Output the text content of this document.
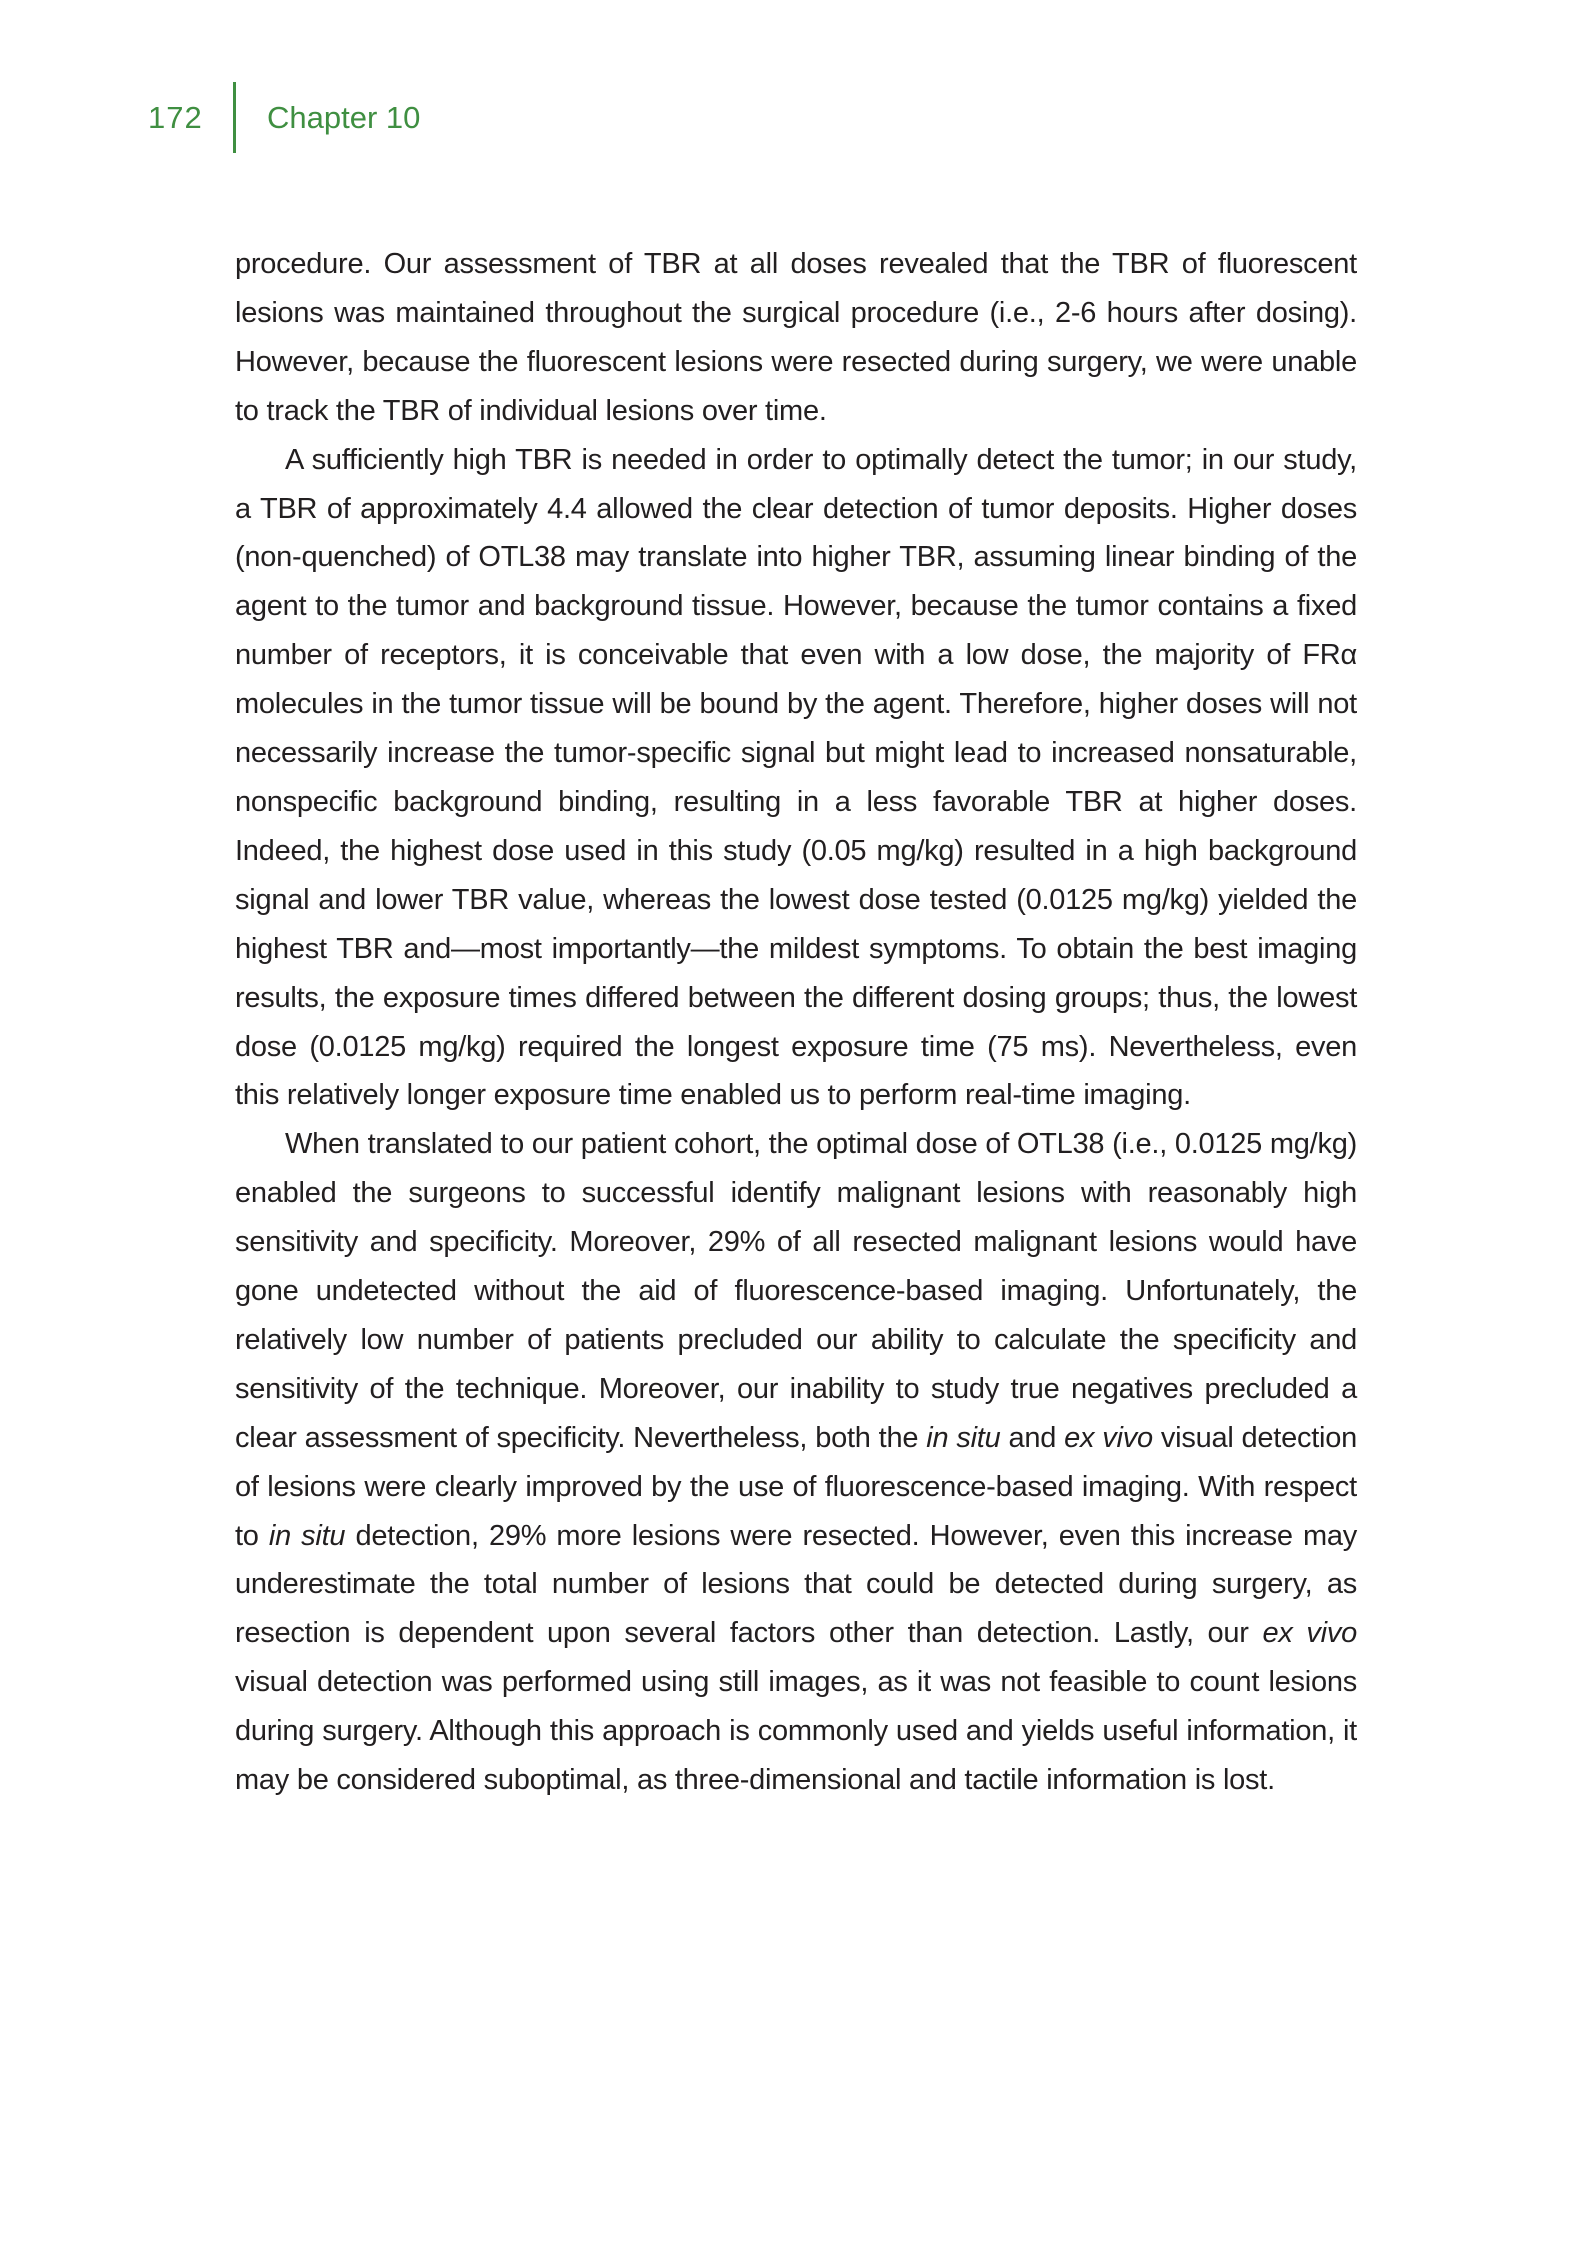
172	Chapter 10

procedure. Our assessment of TBR at all doses revealed that the TBR of fluorescent lesions was maintained throughout the surgical procedure (i.e., 2-6 hours after dosing). However, because the fluorescent lesions were resected during surgery, we were unable to track the TBR of individual lesions over time.

A sufficiently high TBR is needed in order to optimally detect the tumor; in our study, a TBR of approximately 4.4 allowed the clear detection of tumor deposits. Higher doses (non-quenched) of OTL38 may translate into higher TBR, assuming linear binding of the agent to the tumor and background tissue. However, because the tumor contains a fixed number of receptors, it is conceivable that even with a low dose, the majority of FRα molecules in the tumor tissue will be bound by the agent. Therefore, higher doses will not necessarily increase the tumor-specific signal but might lead to increased nonsaturable, nonspecific background binding, resulting in a less favorable TBR at higher doses. Indeed, the highest dose used in this study (0.05 mg/kg) resulted in a high background signal and lower TBR value, whereas the lowest dose tested (0.0125 mg/kg) yielded the highest TBR and—most importantly—the mildest symptoms. To obtain the best imaging results, the exposure times differed between the different dosing groups; thus, the lowest dose (0.0125 mg/kg) required the longest exposure time (75 ms). Nevertheless, even this relatively longer exposure time enabled us to perform real-time imaging.

When translated to our patient cohort, the optimal dose of OTL38 (i.e., 0.0125 mg/kg) enabled the surgeons to successful identify malignant lesions with reasonably high sensitivity and specificity. Moreover, 29% of all resected malignant lesions would have gone undetected without the aid of fluorescence-based imaging. Unfortunately, the relatively low number of patients precluded our ability to calculate the specificity and sensitivity of the technique. Moreover, our inability to study true negatives precluded a clear assessment of specificity. Nevertheless, both the in situ and ex vivo visual detection of lesions were clearly improved by the use of fluorescence-based imaging. With respect to in situ detection, 29% more lesions were resected. However, even this increase may underestimate the total number of lesions that could be detected during surgery, as resection is dependent upon several factors other than detection. Lastly, our ex vivo visual detection was performed using still images, as it was not feasible to count lesions during surgery. Although this approach is commonly used and yields useful information, it may be considered suboptimal, as three-dimensional and tactile information is lost.
